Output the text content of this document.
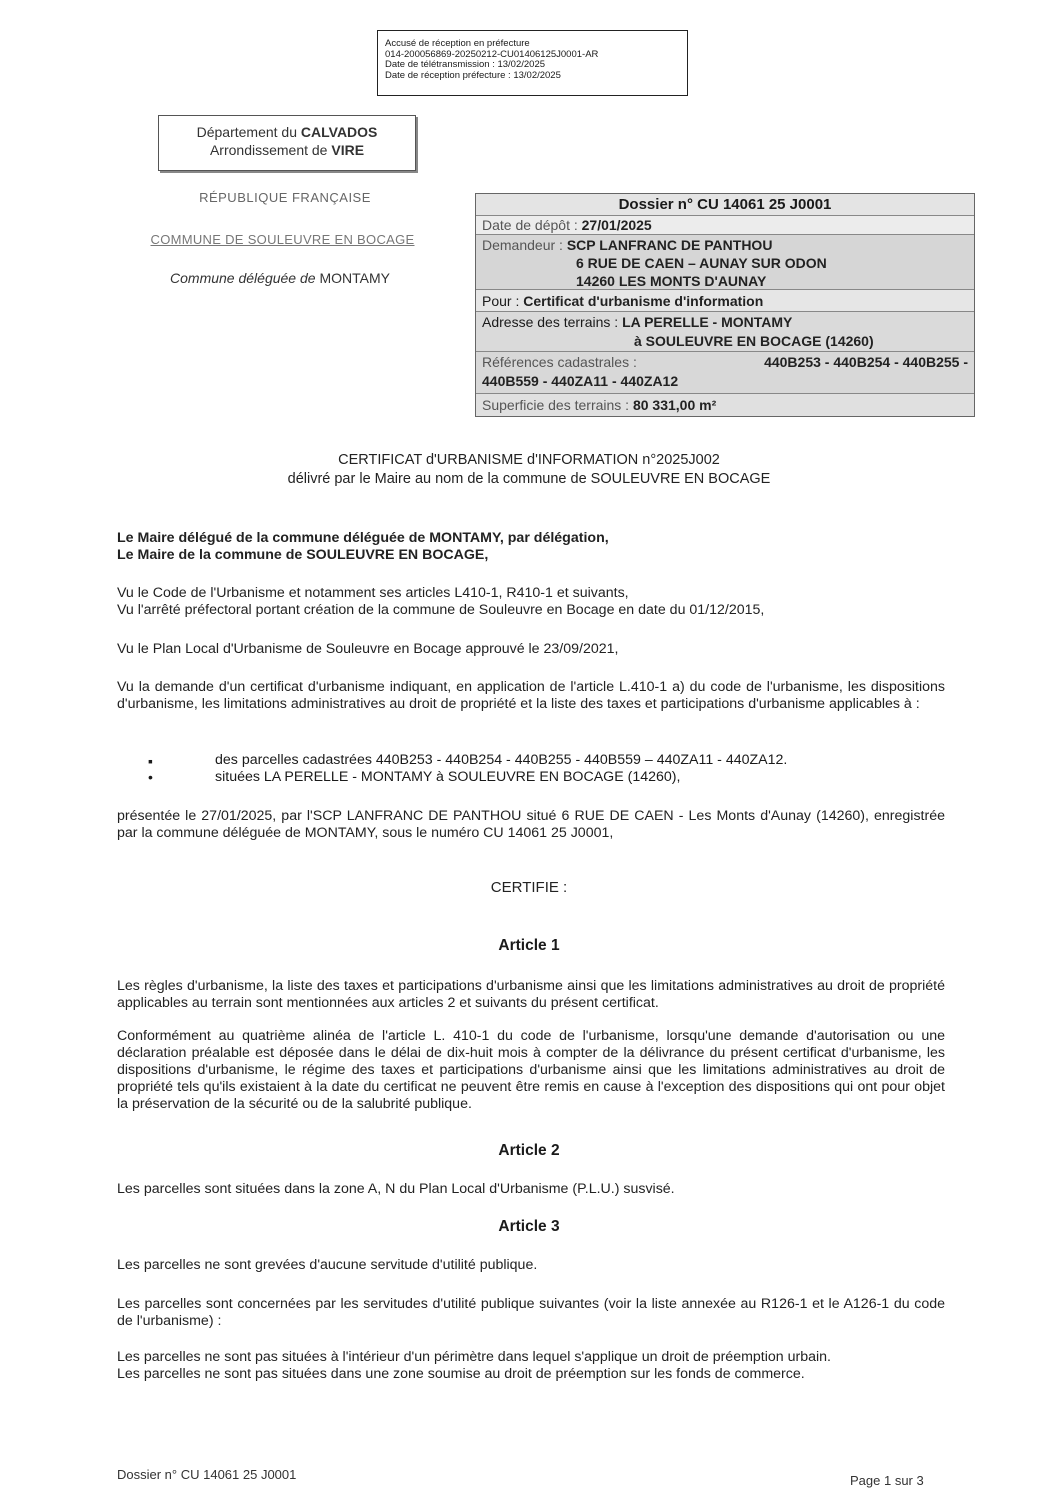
Accusé de réception en préfecture
014-200056869-20250212-CU01406125J0001-AR
Date de télétransmission : 13/02/2025
Date de réception préfecture : 13/02/2025
Département du CALVADOS
Arrondissement de VIRE
RÉPUBLIQUE FRANÇAISE
COMMUNE DE SOULEUVRE EN BOCAGE
Commune déléguée de MONTAMY
Dossier n° CU 14061 25 J0001
Date de dépôt : 27/01/2025
Demandeur : SCP LANFRANC DE PANTHOU
6 RUE DE CAEN – AUNAY SUR ODON
14260 LES MONTS D'AUNAY
Pour : Certificat d'urbanisme d'information
Adresse des terrains : LA PERELLE - MONTAMY
à SOULEUVRE EN BOCAGE (14260)
Références cadastrales :	440B253 - 440B254 - 440B255 -
440B559 - 440ZA11 - 440ZA12
Superficie des terrains : 80 331,00 m²
CERTIFICAT d'URBANISME d'INFORMATION n°2025J002
délivré par le Maire au nom de la commune de SOULEUVRE EN BOCAGE
Le Maire délégué de la commune déléguée de MONTAMY, par délégation,
Le Maire de la commune de SOULEUVRE EN BOCAGE,
Vu le Code de l'Urbanisme et notamment ses articles L410-1, R410-1 et suivants,
Vu l'arrêté préfectoral portant création de la commune de Souleuvre en Bocage en date du 01/12/2015,
Vu le Plan Local d'Urbanisme de Souleuvre en Bocage approuvé le 23/09/2021,
Vu la demande d'un certificat d'urbanisme indiquant, en application de l'article L.410-1 a) du code de l'urbanisme, les dispositions d'urbanisme, les limitations administratives au droit de propriété et la liste des taxes et participations d'urbanisme applicables à :
▪	des parcelles cadastrées 440B253 - 440B254 - 440B255 - 440B559 – 440ZA11 - 440ZA12.
•	situées LA PERELLE - MONTAMY à SOULEUVRE EN BOCAGE (14260),
présentée le 27/01/2025, par l'SCP LANFRANC DE PANTHOU situé 6 RUE DE CAEN - Les Monts d'Aunay (14260), enregistrée par la commune déléguée de MONTAMY, sous le numéro CU 14061 25 J0001,
CERTIFIE :
Article 1
Les règles d'urbanisme, la liste des taxes et participations d'urbanisme ainsi que les limitations administratives au droit de propriété applicables au terrain sont mentionnées aux articles 2 et suivants du présent certificat.
Conformément au quatrième alinéa de l'article L. 410-1 du code de l'urbanisme, lorsqu'une demande d'autorisation ou une déclaration préalable est déposée dans le délai de dix-huit mois à compter de la délivrance du présent certificat d'urbanisme, les dispositions d'urbanisme, le régime des taxes et participations d'urbanisme ainsi que les limitations administratives au droit de propriété tels qu'ils existaient à la date du certificat ne peuvent être remis en cause à l'exception des dispositions qui ont pour objet la préservation de la sécurité ou de la salubrité publique.
Article 2
Les parcelles sont situées dans la zone A, N du Plan Local d'Urbanisme (P.L.U.) susvisé.
Article 3
Les parcelles ne sont grevées d'aucune servitude d'utilité publique.
Les parcelles sont concernées par les servitudes d'utilité publique suivantes (voir la liste annexée au R126-1 et le A126-1 du code de l'urbanisme) :
Les parcelles ne sont pas situées à l'intérieur d'un périmètre dans lequel s'applique un droit de préemption urbain.
Les parcelles ne sont pas situées dans une zone soumise au droit de préemption sur les fonds de commerce.
Dossier n° CU 14061 25 J0001	Page 1 sur 3
